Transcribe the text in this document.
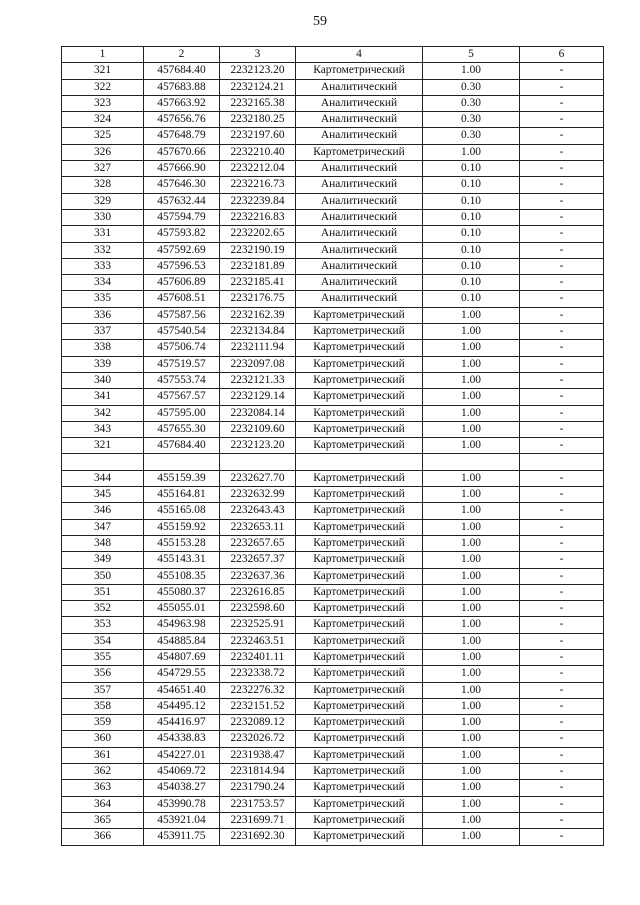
59
1	2	3	4	5	6
321	457684.40	2232123.20	Картометрический	1.00	-
322	457683.88	2232124.21	Аналитический	0.30	-
323	457663.92	2232165.38	Аналитический	0.30	-
324	457656.76	2232180.25	Аналитический	0.30	-
325	457648.79	2232197.60	Аналитический	0.30	-
326	457670.66	2232210.40	Картометрический	1.00	-
327	457666.90	2232212.04	Аналитический	0.10	-
328	457646.30	2232216.73	Аналитический	0.10	-
329	457632.44	2232239.84	Аналитический	0.10	-
330	457594.79	2232216.83	Аналитический	0.10	-
331	457593.82	2232202.65	Аналитический	0.10	-
332	457592.69	2232190.19	Аналитический	0.10	-
333	457596.53	2232181.89	Аналитический	0.10	-
334	457606.89	2232185.41	Аналитический	0.10	-
335	457608.51	2232176.75	Аналитический	0.10	-
336	457587.56	2232162.39	Картометрический	1.00	-
337	457540.54	2232134.84	Картометрический	1.00	-
338	457506.74	2232111.94	Картометрический	1.00	-
339	457519.57	2232097.08	Картометрический	1.00	-
340	457553.74	2232121.33	Картометрический	1.00	-
341	457567.57	2232129.14	Картометрический	1.00	-
342	457595.00	2232084.14	Картометрический	1.00	-
343	457655.30	2232109.60	Картометрический	1.00	-
321	457684.40	2232123.20	Картометрический	1.00	-

344	455159.39	2232627.70	Картометрический	1.00	-
345	455164.81	2232632.99	Картометрический	1.00	-
346	455165.08	2232643.43	Картометрический	1.00	-
347	455159.92	2232653.11	Картометрический	1.00	-
348	455153.28	2232657.65	Картометрический	1.00	-
349	455143.31	2232657.37	Картометрический	1.00	-
350	455108.35	2232637.36	Картометрический	1.00	-
351	455080.37	2232616.85	Картометрический	1.00	-
352	455055.01	2232598.60	Картометрический	1.00	-
353	454963.98	2232525.91	Картометрический	1.00	-
354	454885.84	2232463.51	Картометрический	1.00	-
355	454807.69	2232401.11	Картометрический	1.00	-
356	454729.55	2232338.72	Картометрический	1.00	-
357	454651.40	2232276.32	Картометрический	1.00	-
358	454495.12	2232151.52	Картометрический	1.00	-
359	454416.97	2232089.12	Картометрический	1.00	-
360	454338.83	2232026.72	Картометрический	1.00	-
361	454227.01	2231938.47	Картометрический	1.00	-
362	454069.72	2231814.94	Картометрический	1.00	-
363	454038.27	2231790.24	Картометрический	1.00	-
364	453990.78	2231753.57	Картометрический	1.00	-
365	453921.04	2231699.71	Картометрический	1.00	-
366	453911.75	2231692.30	Картометрический	1.00	-
